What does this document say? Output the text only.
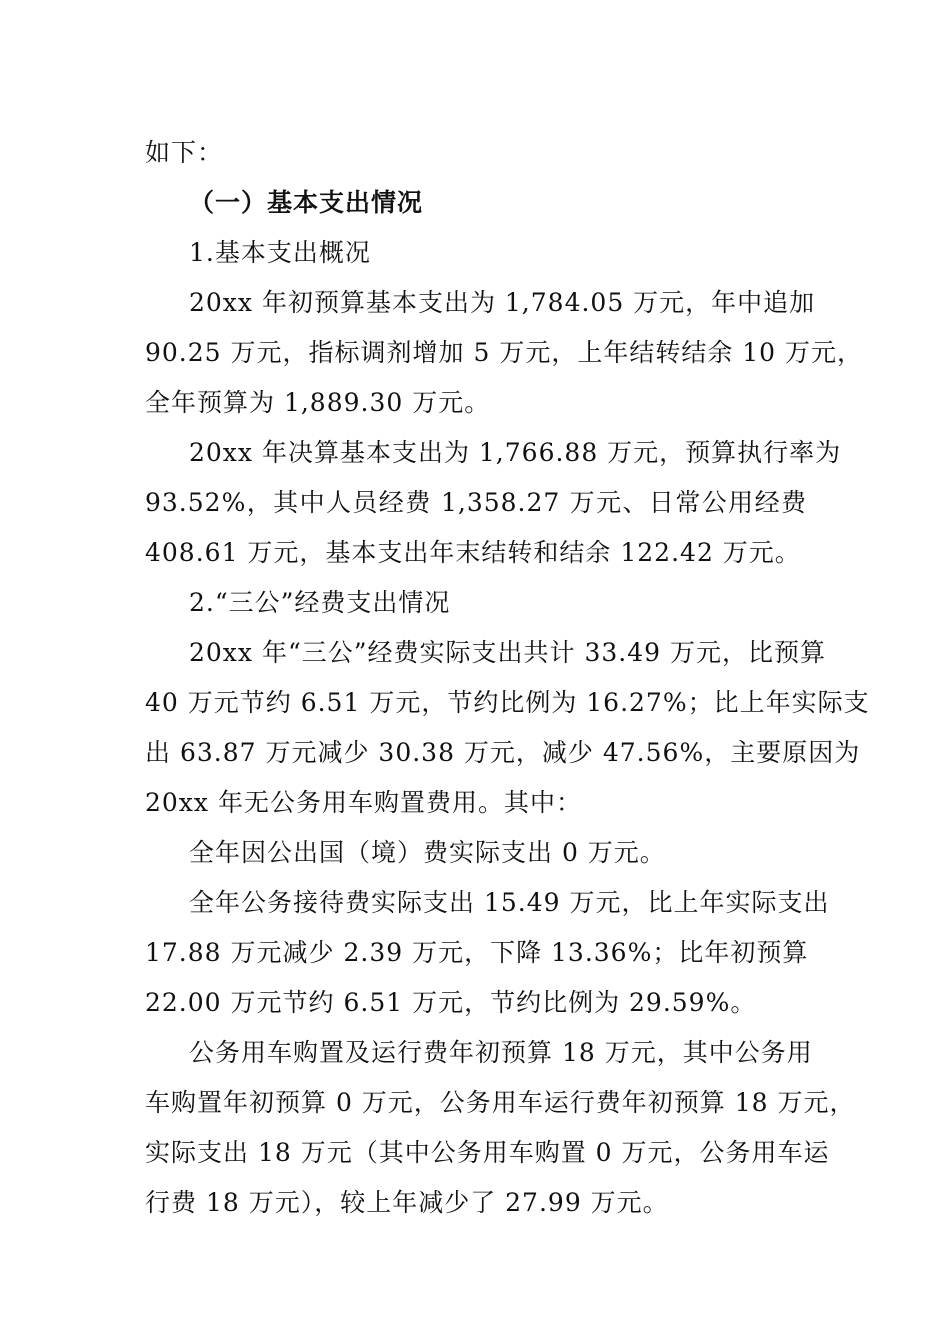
如下：
（一）基本支出情况
1.基本支出概况
20xx 年初预算基本支出为 1,784.05 万元，年中追加
90.25 万元，指标调剂增加 5 万元，上年结转结余 10 万元，
全年预算为 1,889.30 万元。
20xx 年决算基本支出为 1,766.88 万元，预算执行率为
93.52%，其中人员经费 1,358.27 万元、日常公用经费
408.61 万元，基本支出年末结转和结余 122.42 万元。
2.“三公”经费支出情况
20xx 年“三公”经费实际支出共计 33.49 万元，比预算
40 万元节约 6.51 万元，节约比例为 16.27%；比上年实际支
出 63.87 万元减少 30.38 万元，减少 47.56%，主要原因为
20xx 年无公务用车购置费用。其中：
全年因公出国（境）费实际支出 0 万元。
全年公务接待费实际支出 15.49 万元，比上年实际支出
17.88 万元减少 2.39 万元，下降 13.36%；比年初预算
22.00 万元节约 6.51 万元，节约比例为 29.59%。
公务用车购置及运行费年初预算 18 万元，其中公务用
车购置年初预算 0 万元，公务用车运行费年初预算 18 万元，
实际支出 18 万元（其中公务用车购置 0 万元，公务用车运
行费 18 万元），较上年减少了 27.99 万元。
